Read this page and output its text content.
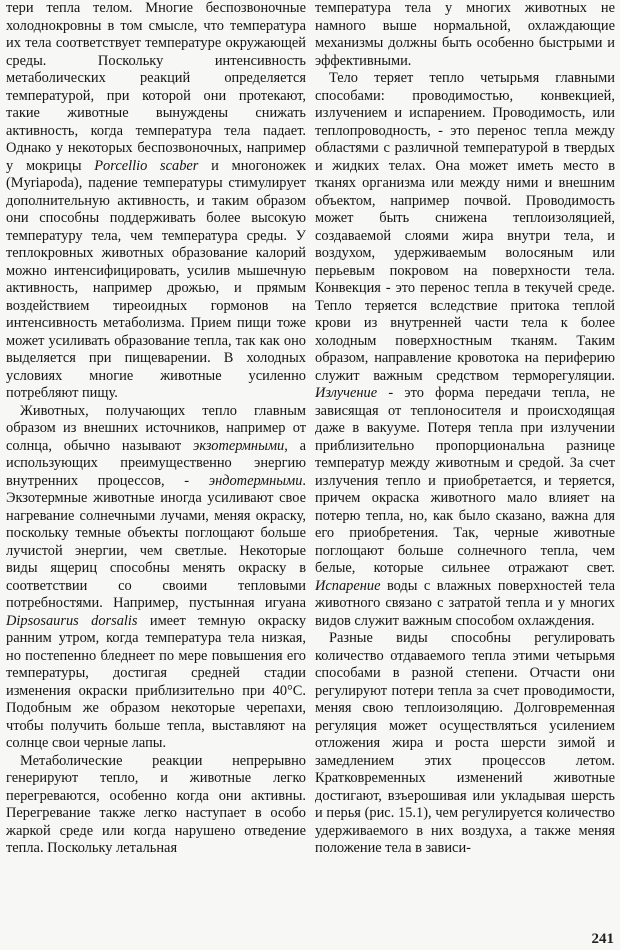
тери тепла телом. Многие беспозвоночные холоднокровны в том смысле, что температура их тела соответствует температуре окружающей среды. Поскольку интенсивность метаболических реакций определяется температурой, при которой они протекают, такие животные вынуждены снижать активность, когда температура тела падает. Однако у некоторых беспозвоночных, например у мокрицы Porcellio scaber и многоножек (Myriapoda), падение температуры стимулирует дополнительную активность, и таким образом они способны поддерживать более высокую температуру тела, чем температура среды. У теплокровных животных образование калорий можно интенсифицировать, усилив мышечную активность, например дрожью, и прямым воздействием тиреоидных гормонов на интенсивность метаболизма. Прием пищи тоже может усиливать образование тепла, так как оно выделяется при пищеварении. В холодных условиях многие животные усиленно потребляют пищу.

Животных, получающих тепло главным образом из внешних источников, например от солнца, обычно называют экзотермными, а использующих преимущественно энергию внутренних процессов, - эндотермными. Экзотермные животные иногда усиливают свое нагревание солнечными лучами, меняя окраску, поскольку темные объекты поглощают больше лучистой энергии, чем светлые. Некоторые виды ящериц способны менять окраску в соответствии со своими тепловыми потребностями. Например, пустынная игуана Dipsosaurus dorsalis имеет темную окраску ранним утром, когда температура тела низкая, но постепенно бледнеет по мере повышения его температуры, достигая средней стадии изменения окраски приблизительно при 40°С. Подобным же образом некоторые черепахи, чтобы получить больше тепла, выставляют на солнце свои черные лапы.

Метаболические реакции непрерывно генерируют тепло, и животные легко перегреваются, особенно когда они активны. Перегревание также легко наступает в особо жаркой среде или когда нарушено отведение тепла. Поскольку летальная

температура тела у многих животных не намного выше нормальной, охлаждающие механизмы должны быть особенно быстрыми и эффективными.

Тело теряет тепло четырьмя главными способами: проводимостью, конвекцией, излучением и испарением. Проводимость, или теплопроводность, - это перенос тепла между областями с различной температурой в твердых и жидких телах. Она может иметь место в тканях организма или между ними и внешним объектом, например почвой. Проводимость может быть снижена теплоизоляцией, создаваемой слоями жира внутри тела, и воздухом, удерживаемым волосяным или перьевым покровом на поверхности тела. Конвекция - это перенос тепла в текучей среде. Тепло теряется вследствие притока теплой крови из внутренней части тела к более холодным поверхностным тканям. Таким образом, направление кровотока на периферию служит важным средством терморегуляции. Излучение - это форма передачи тепла, не зависящая от теплоносителя и происходящая даже в вакууме. Потеря тепла при излучении приблизительно пропорциональна разнице температур между животным и средой. За счет излучения тепло и приобретается, и теряется, причем окраска животного мало влияет на потерю тепла, но, как было сказано, важна для его приобретения. Так, черные животные поглощают больше солнечного тепла, чем белые, которые сильнее отражают свет. Испарение воды с влажных поверхностей тела животного связано с затратой тепла и у многих видов служит важным способом охлаждения.

Разные виды способны регулировать количество отдаваемого тепла этими четырьмя способами в разной степени. Отчасти они регулируют потери тепла за счет проводимости, меняя свою теплоизоляцию. Долговременная регуляция может осуществляться усилением отложения жира и роста шерсти зимой и замедлением этих процессов летом. Кратковременных изменений животные достигают, взъерошивая или укладывая шерсть и перья (рис. 15.1), чем регулируется количество удерживаемого в них воздуха, а также меняя положение тела в зависи-

241
